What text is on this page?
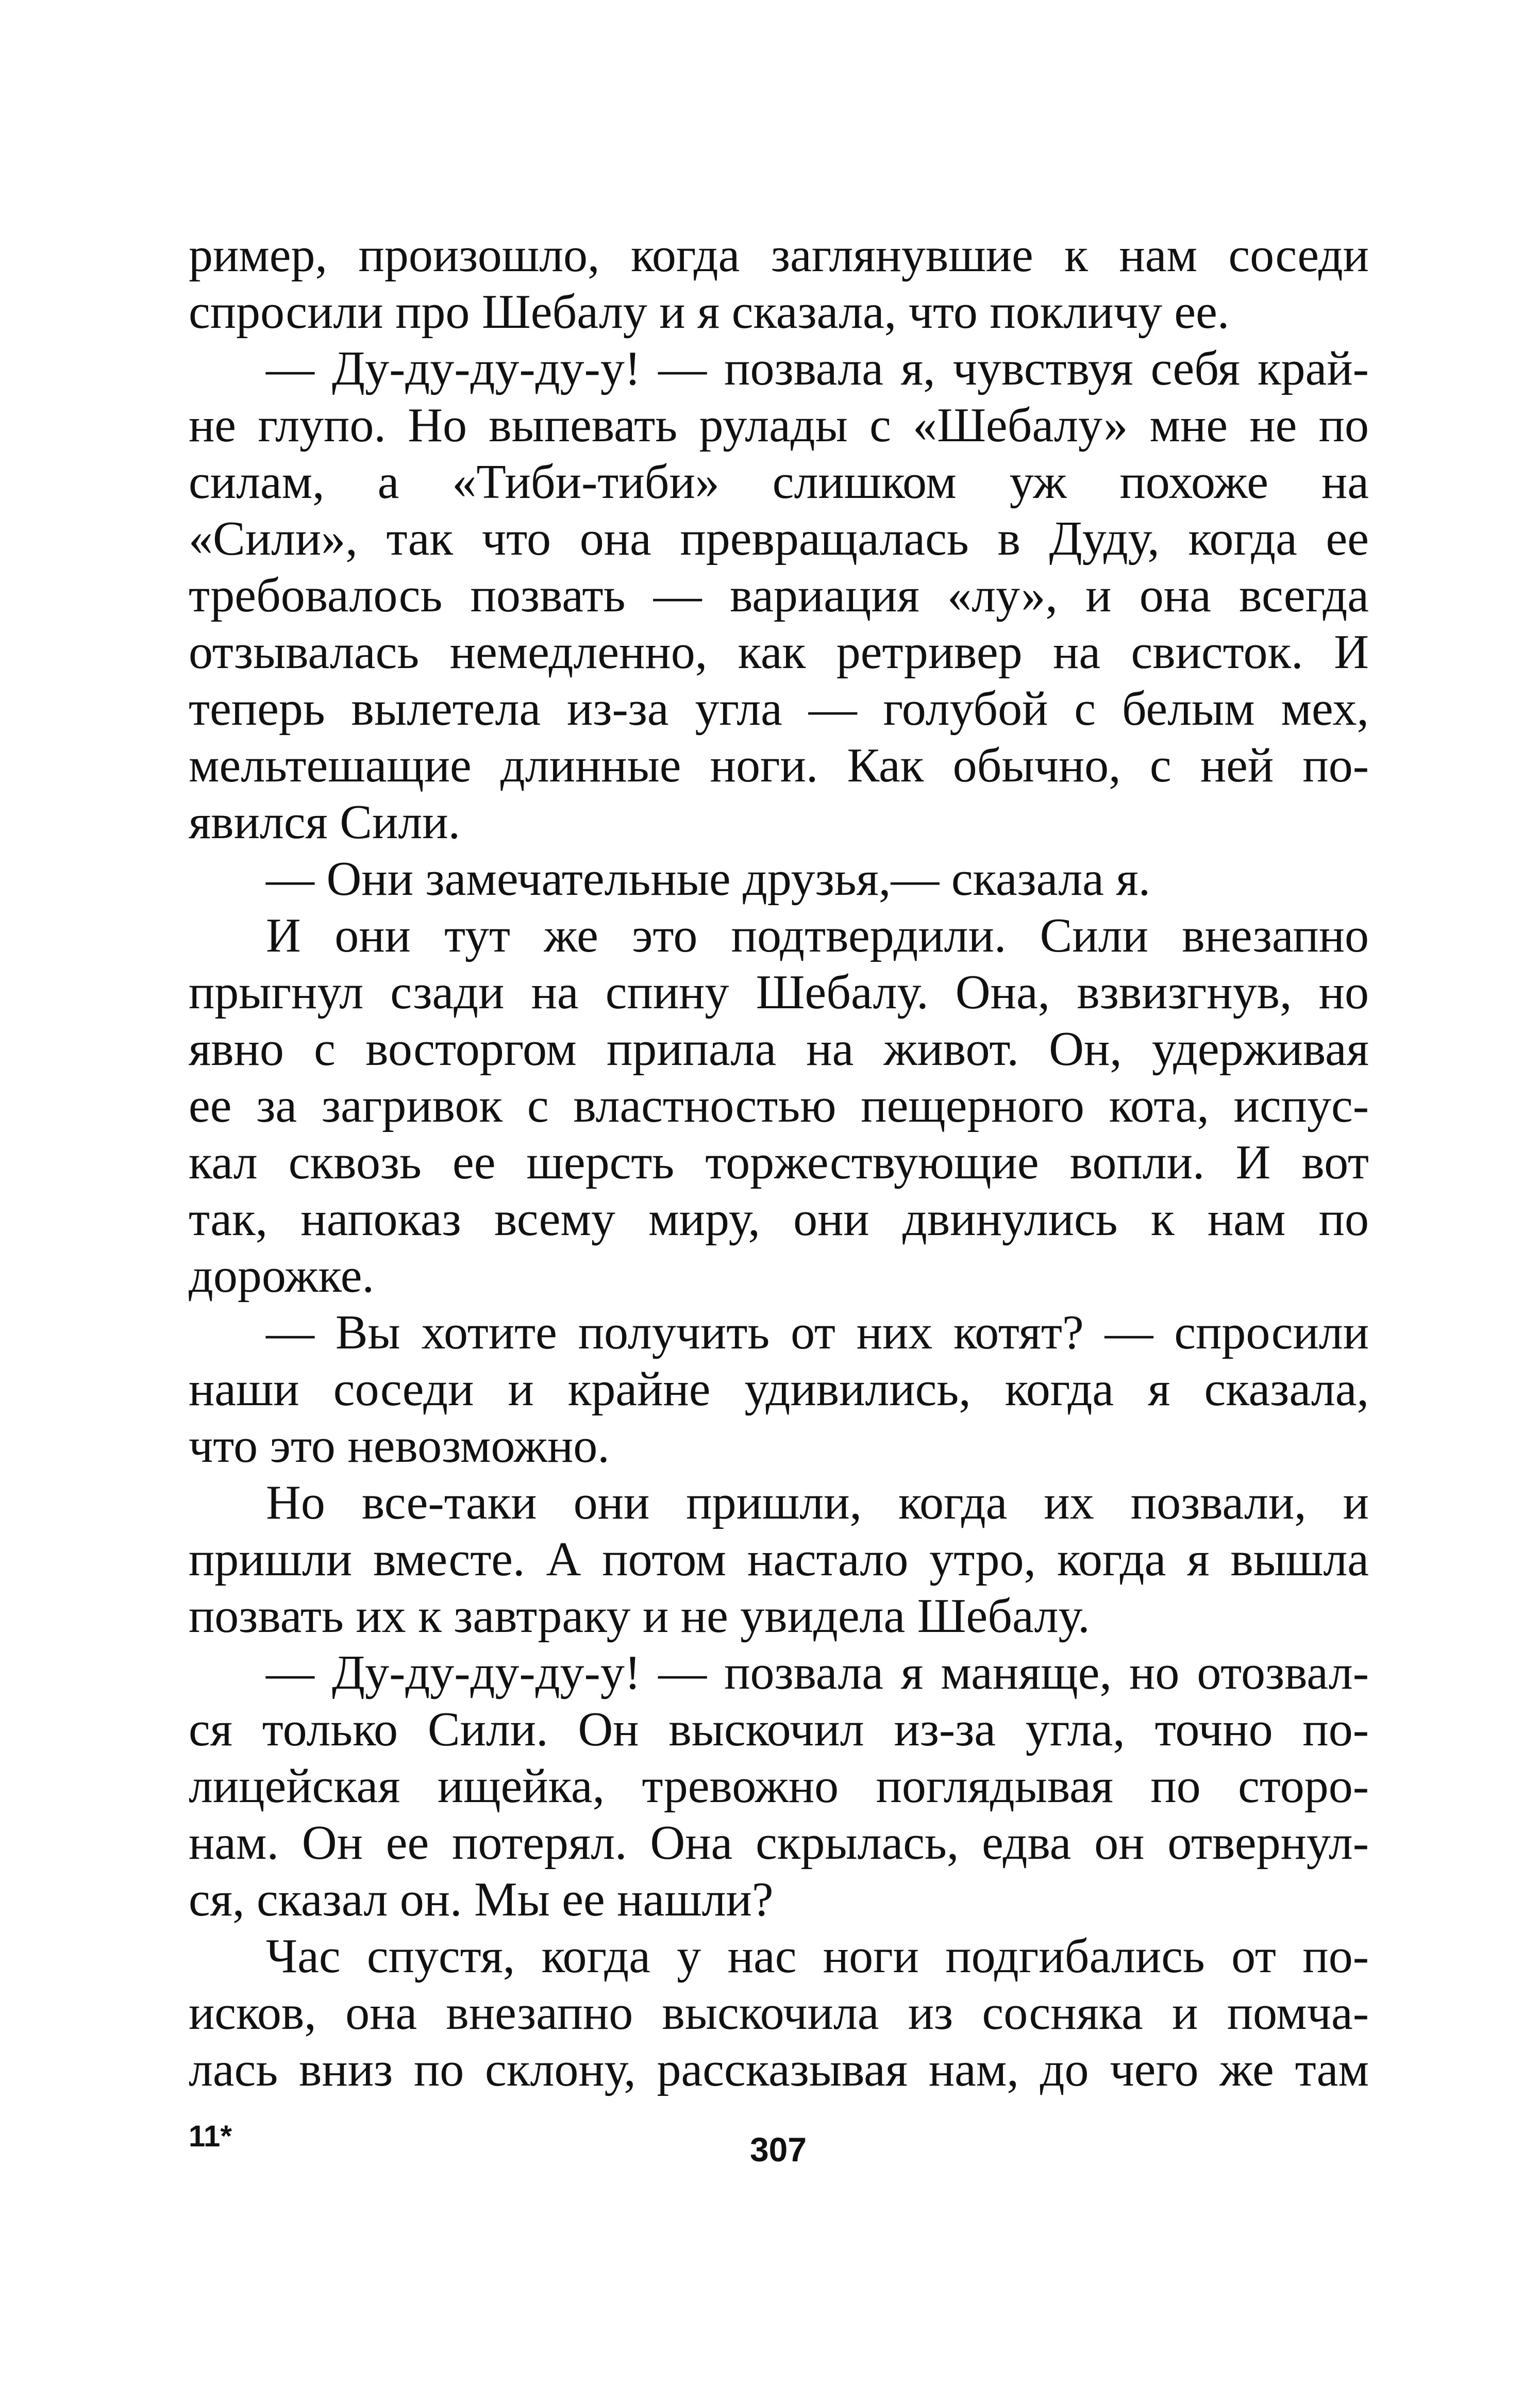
ример, произошло, когда заглянувшие к нам соседи
спросили про Шебалу и я сказала, что покличу ее.
— Ду-ду-ду-ду-у! — позвала я, чувствуя себя край-
не глупо. Но выпевать рулады с «Шебалу» мне не по
силам, а «Тиби-тиби» слишком уж похоже на
«Сили», так что она превращалась в Дуду, когда ее
требовалось позвать — вариация «лу», и она всегда
отзывалась немедленно, как ретривер на свисток. И
теперь вылетела из-за угла — голубой с белым мех,
мельтешащие длинные ноги. Как обычно, с ней по-
явился Сили.
— Они замечательные друзья,— сказала я.
И они тут же это подтвердили. Сили внезапно
прыгнул сзади на спину Шебалу. Она, взвизгнув, но
явно с восторгом припала на живот. Он, удерживая
ее за загривок с властностью пещерного кота, испус-
кал сквозь ее шерсть торжествующие вопли. И вот
так, напоказ всему миру, они двинулись к нам по
дорожке.
— Вы хотите получить от них котят? — спросили
наши соседи и крайне удивились, когда я сказала,
что это невозможно.
Но все-таки они пришли, когда их позвали, и
пришли вместе. А потом настало утро, когда я вышла
позвать их к завтраку и не увидела Шебалу.
— Ду-ду-ду-ду-у! — позвала я маняще, но отозвал-
ся только Сили. Он выскочил из-за угла, точно по-
лицейская ищейка, тревожно поглядывая по сторо-
нам. Он ее потерял. Она скрылась, едва он отвернул-
ся, сказал он. Мы ее нашли?
Час спустя, когда у нас ноги подгибались от по-
исков, она внезапно выскочила из сосняка и помча-
лась вниз по склону, рассказывая нам, до чего же там
11*	307
